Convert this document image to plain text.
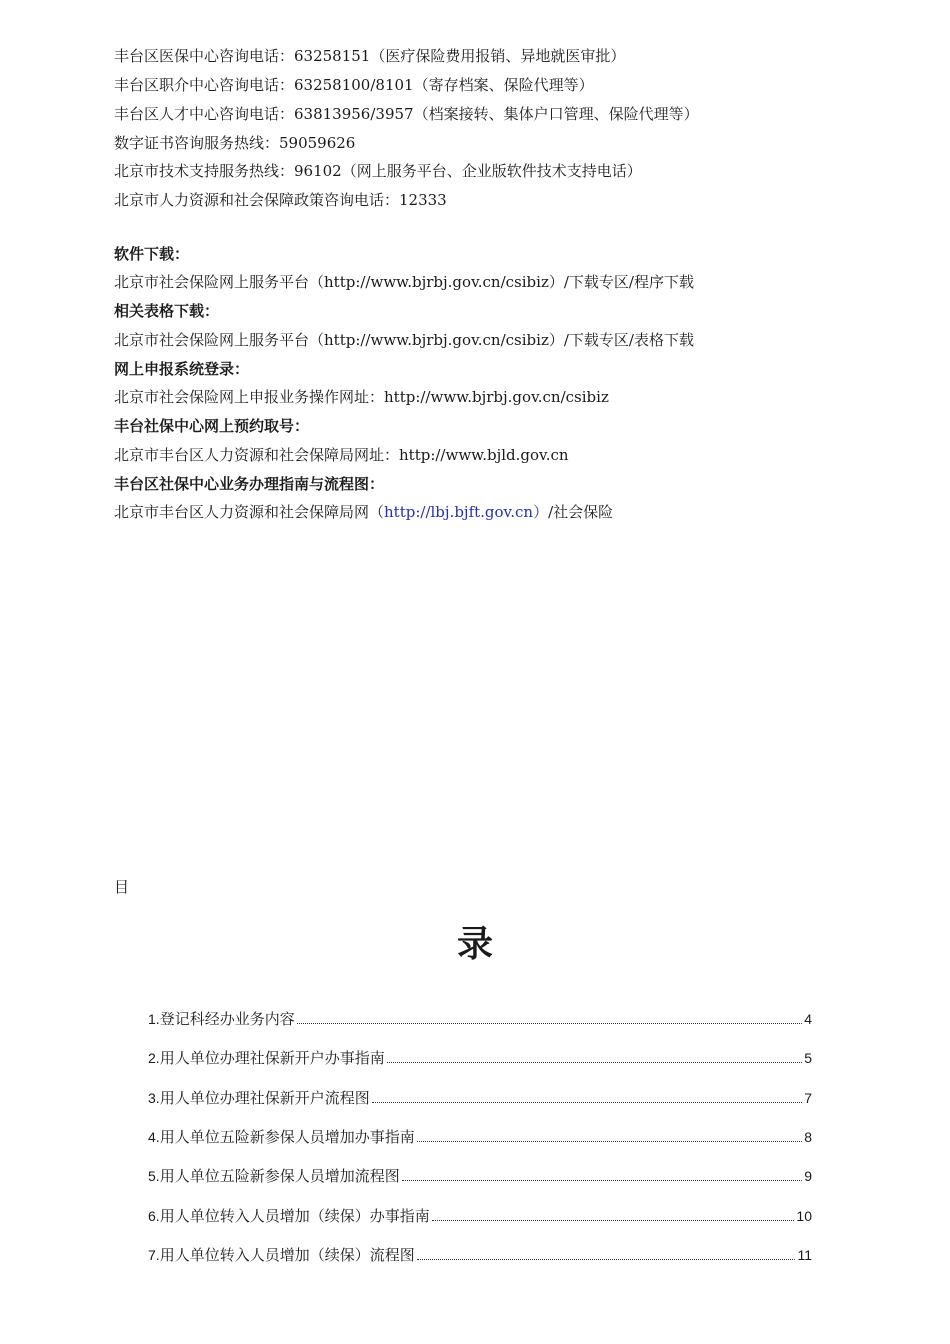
丰台区医保中心咨询电话：63258151（医疗保险费用报销、异地就医审批）
丰台区职介中心咨询电话：63258100/8101（寄存档案、保险代理等）
丰台区人才中心咨询电话：63813956/3957（档案接转、集体户口管理、保险代理等）
数字证书咨询服务热线：59059626
北京市技术支持服务热线：96102（网上服务平台、企业版软件技术支持电话）
北京市人力资源和社会保障政策咨询电话：12333
软件下载：
北京市社会保险网上服务平台（http://www.bjrbj.gov.cn/csibiz）/下载专区/程序下载
相关表格下载：
北京市社会保险网上服务平台（http://www.bjrbj.gov.cn/csibiz）/下载专区/表格下载
网上申报系统登录：
北京市社会保险网上申报业务操作网址：http://www.bjrbj.gov.cn/csibiz
丰台社保中心网上预约取号：
北京市丰台区人力资源和社会保障局网址：http://www.bjld.gov.cn
丰台区社保中心业务办理指南与流程图：
北京市丰台区人力资源和社会保障局网（http://lbj.bjft.gov.cn）/社会保险
目
录
1.登记科经办业务内容	4
2.用人单位办理社保新开户办事指南	5
3.用人单位办理社保新开户流程图	7
4.用人单位五险新参保人员增加办事指南	8
5.用人单位五险新参保人员增加流程图	9
6.用人单位转入人员增加（续保）办事指南	10
7.用人单位转入人员增加（续保）流程图	11
